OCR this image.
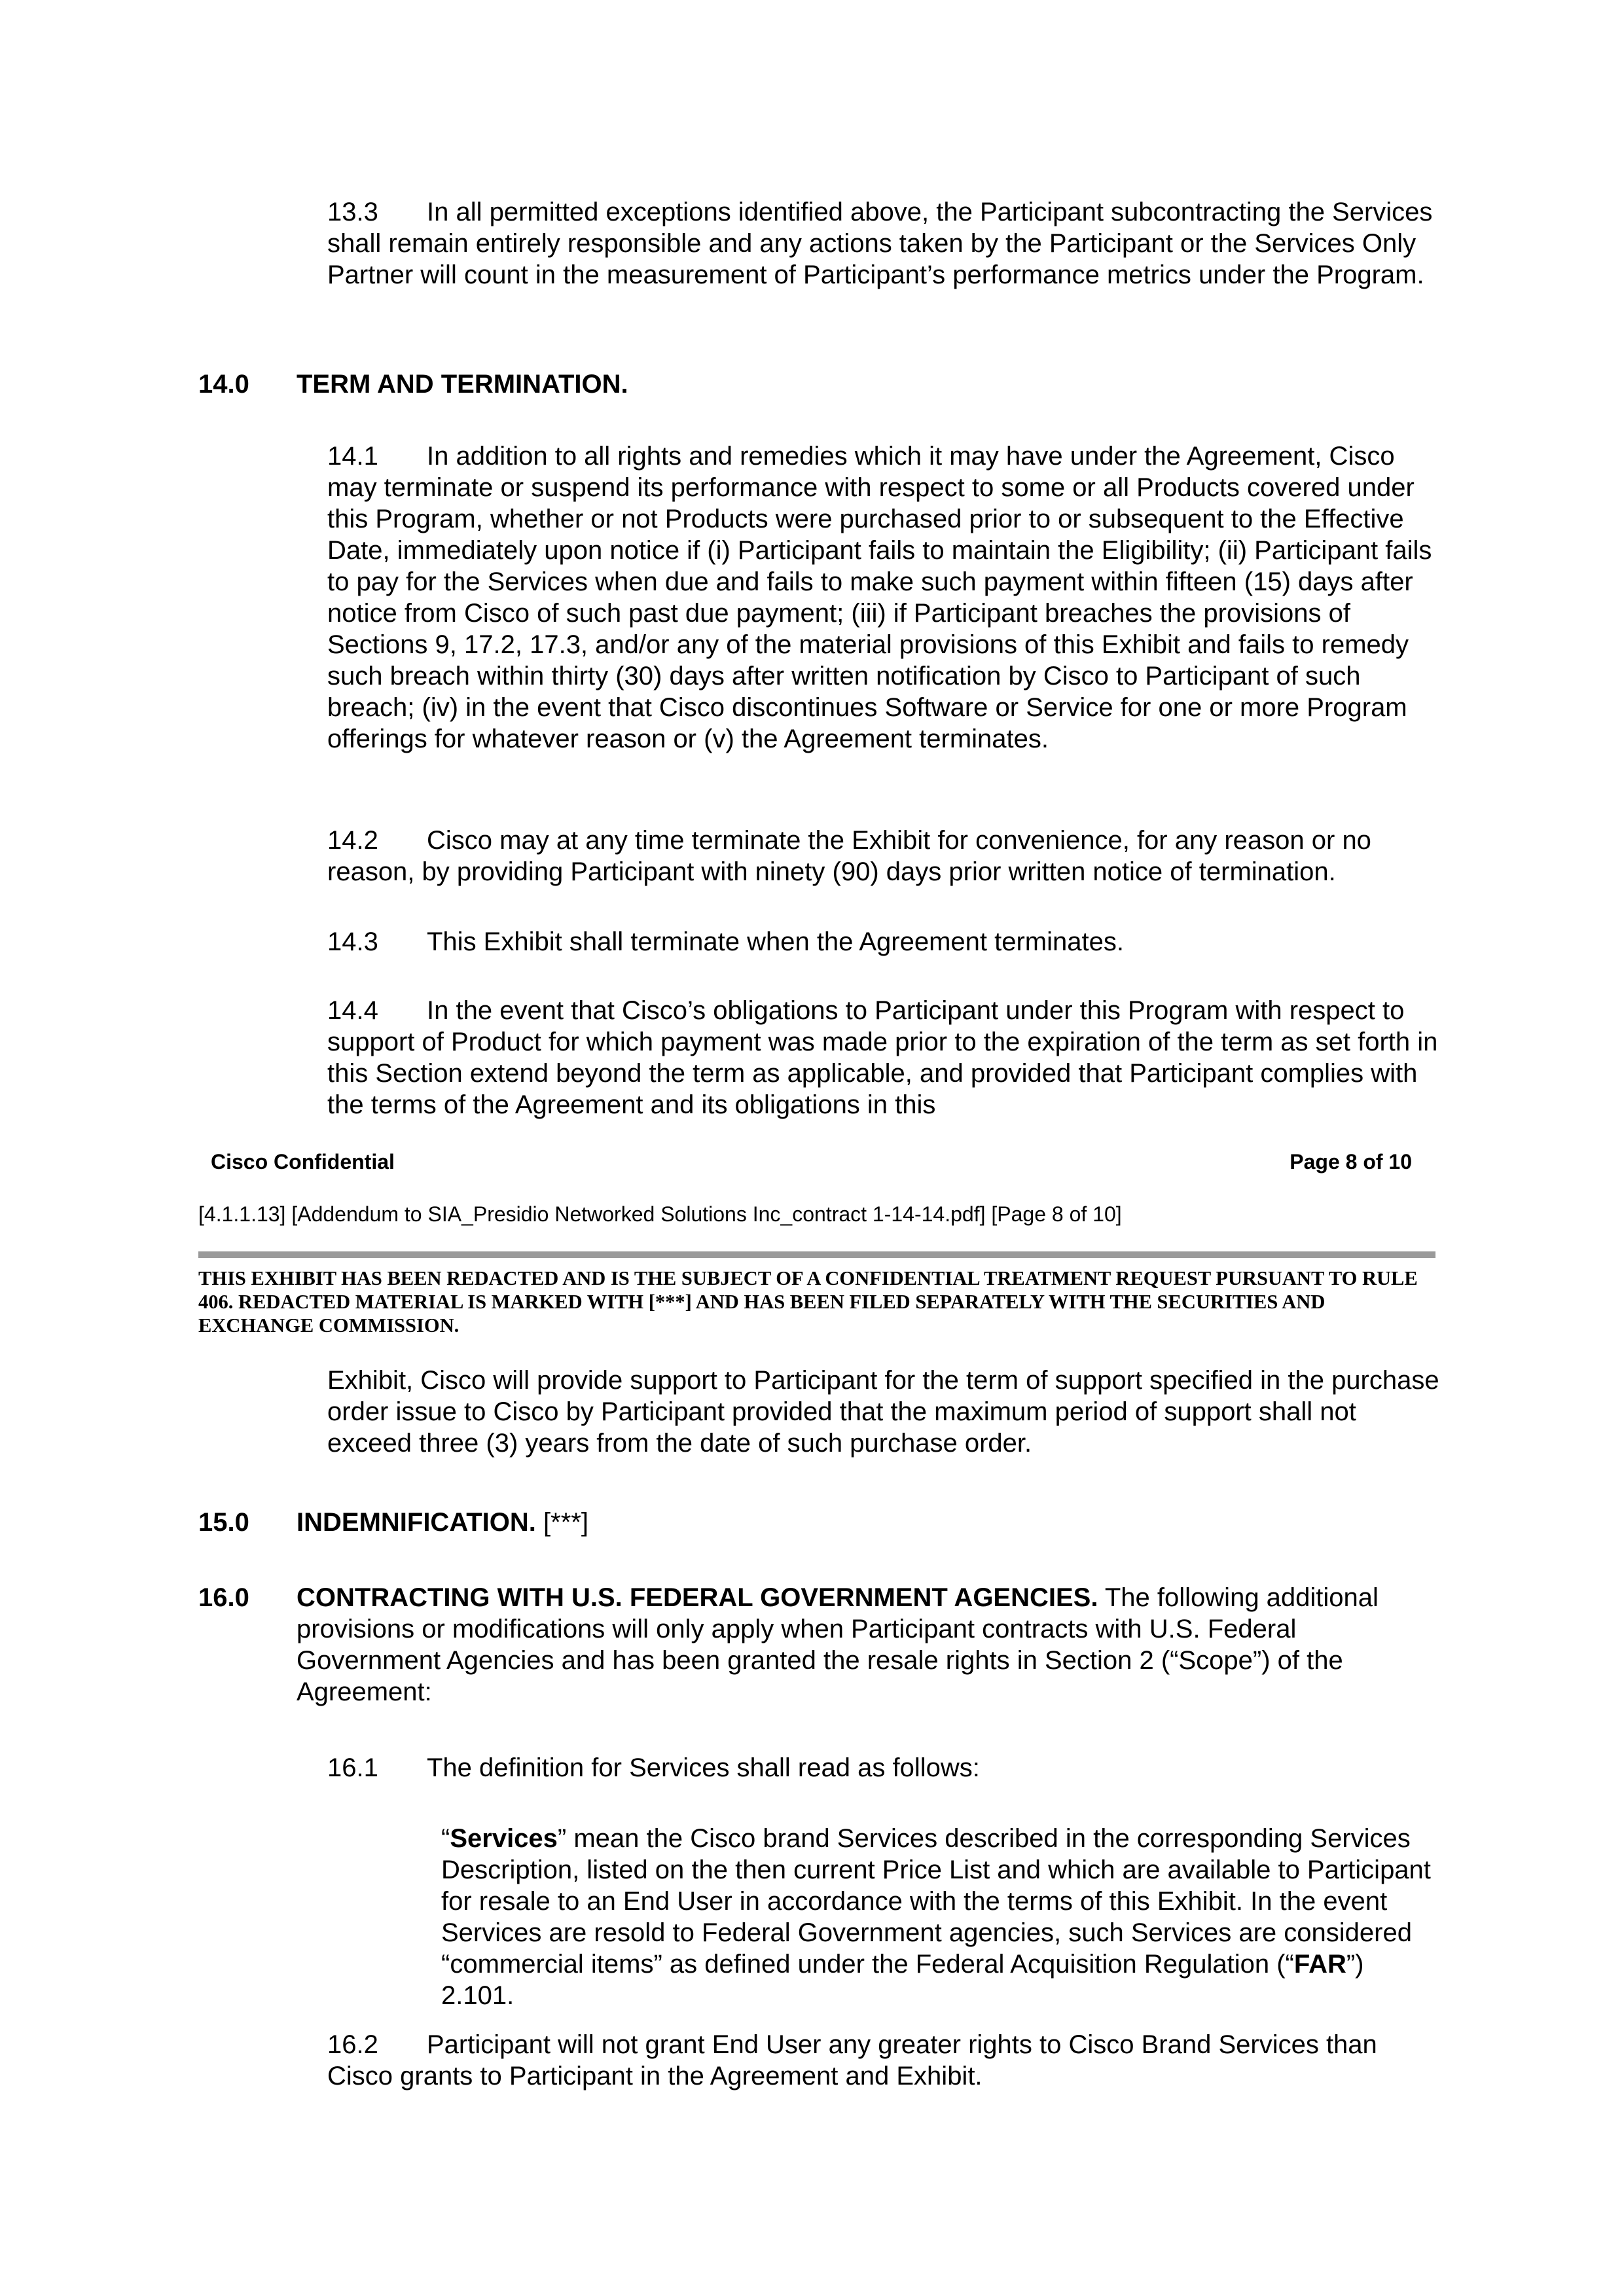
13.3 In all permitted exceptions identified above, the Participant subcontracting the Services shall remain entirely responsible and any actions taken by the Participant or the Services Only Partner will count in the measurement of Participant’s performance metrics under the Program.
14.0 TERM AND TERMINATION.
14.1 In addition to all rights and remedies which it may have under the Agreement, Cisco may terminate or suspend its performance with respect to some or all Products covered under this Program, whether or not Products were purchased prior to or subsequent to the Effective Date, immediately upon notice if (i) Participant fails to maintain the Eligibility; (ii) Participant fails to pay for the Services when due and fails to make such payment within fifteen (15) days after notice from Cisco of such past due payment; (iii) if Participant breaches the provisions of Sections 9, 17.2, 17.3, and/or any of the material provisions of this Exhibit and fails to remedy such breach within thirty (30) days after written notification by Cisco to Participant of such breach; (iv) in the event that Cisco discontinues Software or Service for one or more Program offerings for whatever reason or (v) the Agreement terminates.
14.2 Cisco may at any time terminate the Exhibit for convenience, for any reason or no reason, by providing Participant with ninety (90) days prior written notice of termination.
14.3 This Exhibit shall terminate when the Agreement terminates.
14.4 In the event that Cisco’s obligations to Participant under this Program with respect to support of Product for which payment was made prior to the expiration of the term as set forth in this Section extend beyond the term as applicable, and provided that Participant complies with the terms of the Agreement and its obligations in this
Cisco Confidential	Page 8 of 10
[4.1.1.13] [Addendum to SIA_Presidio Networked Solutions Inc_contract 1-14-14.pdf] [Page 8 of 10]
THIS EXHIBIT HAS BEEN REDACTED AND IS THE SUBJECT OF A CONFIDENTIAL TREATMENT REQUEST PURSUANT TO RULE 406. REDACTED MATERIAL IS MARKED WITH [***] AND HAS BEEN FILED SEPARATELY WITH THE SECURITIES AND EXCHANGE COMMISSION.
Exhibit, Cisco will provide support to Participant for the term of support specified in the purchase order issue to Cisco by Participant provided that the maximum period of support shall not exceed three (3) years from the date of such purchase order.
15.0 INDEMNIFICATION. [***]
16.0 CONTRACTING WITH U.S. FEDERAL GOVERNMENT AGENCIES. The following additional provisions or modifications will only apply when Participant contracts with U.S. Federal Government Agencies and has been granted the resale rights in Section 2 (“Scope”) of the Agreement:
16.1 The definition for Services shall read as follows:
“Services” mean the Cisco brand Services described in the corresponding Services Description, listed on the then current Price List and which are available to Participant for resale to an End User in accordance with the terms of this Exhibit. In the event Services are resold to Federal Government agencies, such Services are considered “commercial items” as defined under the Federal Acquisition Regulation (“FAR”) 2.101.
16.2 Participant will not grant End User any greater rights to Cisco Brand Services than Cisco grants to Participant in the Agreement and Exhibit.
